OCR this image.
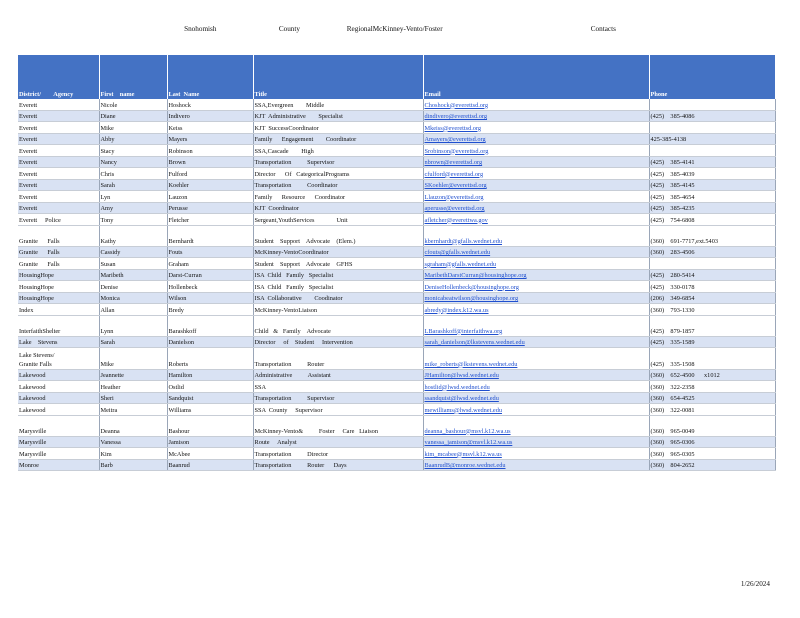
Snohomish        County      RegionalMcKinney-Vento/Foster                   Contacts
District/        Agency	First    name	Last  Name	Title	Email	Phone
Everett	Nicole	Hoshock	SSA,Evergreen        Middle	Choshock@everettsd.org	
Everett	Diane	Indivero	KJT  Administrative        Specialist	dindivero@everettsd.org	(425)    385-4086
Everett	Mike	Keiss	KJT  SuccessCoordinator	Mkeiss@everettsd.org	
Everett	Abby	Mayers	Family      Engagement        Coordinator	Amayers@everettsd.org	425-385-4138
Everett	Stacy	Robinson	SSA,Cascade        High	Srobinson@everettsd.org	
Everett	Nancy	Brown	Transportation          Supervisor	nbrown@everettsd.org	(425)    385-4141
Everett	Chris	Fulford	Director      Of   CategoricalPrograms	cfulford@everettsd.org	(425)    385-4039
Everett	Sarah	Koehler	Transportation          Coordinator	SKoehler@everettsd.org	(425)    385-4145
Everett	Lyn	Lauzon	Family      Resource      Coordinator	Llauzon@everettsd.org	(425)    385-4654
Everett	Amy	Perusse	KJT  Coordinator	aperusse@everettsd.org	(425)    385-4235
Everett     Police	Tony	Fletcher	Sergeant,YouthServices              Unit	afletcher@everettwa.gov	(425)    754-6808
Granite      Falls	Kathy	Bernhardt	Student    Support    Advocate    (Elem.)	kbernhardt@gfalls.wednet.edu	(360)    691-7717,ext.5403
Granite      Falls	Cassidy	Fouts	McKinney-VentoCoordinator	cfouts@gfalls.wednet.edu	(360)    283-4506
Granite      Falls	Susan	Graham	Student    Support    Advocate    GFHS	sgraham@gfalls.wednet.edu	
HousingHope	Maribeth	Darst-Curran	ISA  Child   Family   Specialist	MaribethDarstCurran@housinghope.org	(425)    280-5414
HousingHope	Denise	Hollenbeck	ISA  Child   Family   Specialist	DeniseHollenbeck@housinghope.org	(425)    330-0178
HousingHope	Monica	Wilson	ISA  Collaborative        Coodinator	monicabeatwilson@housinghope.org	(206)    349-6854
Index	Allan	Bredy	McKinney-VentoLiaison	abredy@index.k12.wa.us	(360)    793-1330
InterfaithShelter	Lynn	Barashkoff	Child   &   Family    Advocate	LBarashkoff@interfaithwa.org	(425)    879-1857
Lake    Stevens	Sarah	Danielson	Director     of    Student     Intervention	sarah_danielson@lkstevens.wednet.edu	(425)    335-1589
Lake Stevens/
Granite Falls	Mike	Roberts	Transportation          Router	mike_roberts@lkstevens.wednet.edu	(425)    335-1508
Lakewood	Jeannette	Hamilton	Administrative          Assistant	JHamilton@lwsd.wednet.edu	(360)    652-4500      x1012
Lakewood	Heather	Ostlid	SSA	hostlid@lwsd.wednet.edu	(360)    322-2358
Lakewood	Sheri	Sandquist	Transportation          Supervisor	ssandquist@lwsd.wednet.edu	(360)    654-4525
Lakewood	Meitra	Williams	SSA  County     Supervisor	mewilliams@lwsd.wednet.edu	(360)    322-0081
Marysville	Deanna	Bashour	McKinney-Vento&          Foster     Care   Liaison	deanna_bashour@msvl.k12.wa.us	(360)    965-0049
Marysville	Vanessa	Jamison	Route     Analyst	vanessa_jamison@msvl.k12.wa.us	(360)    965-0306
Marysville	Kim	McAbee	Transportation          Director	kim_mcabee@msvl.k12.wa.us	(360)    965-0305
Monroe	Barb	Baanrud	Transportation          Router      Days	BaanrudB@monroe.wednet.edu	(360)    804-2652
1/26/2024
